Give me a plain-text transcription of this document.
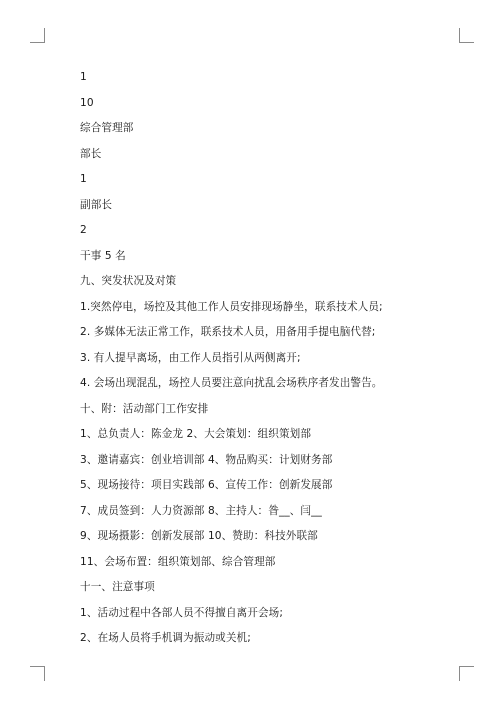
1
10
综合管理部
部长
1
副部长
2
干事 5 名
九、突发状况及对策
1.突然停电，场控及其他工作人员安排现场静坐，联系技术人员;
2. 多媒体无法正常工作，联系技术人员，用备用手提电脑代替;
3. 有人提早离场，由工作人员指引从两侧离开;
4. 会场出现混乱，场控人员要注意向扰乱会场秩序者发出警告。
十、附：活动部门工作安排
1、总负责人：陈金龙 2、大会策划：组织策划部
3、邀请嘉宾：创业培训部 4、物品购买：计划财务部
5、现场接待：项目实践部 6、宣传工作：创新发展部
7、成员签到：人力资源部 8、主持人：昝__、闫__
9、现场摄影：创新发展部 10、赞助：科技外联部
11、会场布置：组织策划部、综合管理部
十一、注意事项
1、活动过程中各部人员不得擅自离开会场;
2、在场人员将手机调为振动或关机;
